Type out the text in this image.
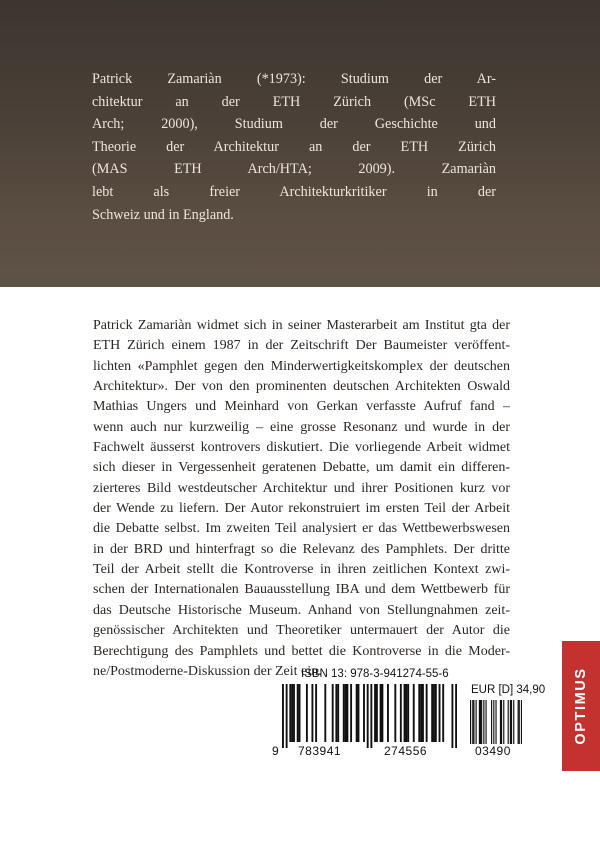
Patrick Zamariàn (*1973): Studium der Ar-
chitektur an der ETH Zürich (MSc ETH
Arch; 2000), Studium der Geschichte und
Theorie der Architektur an der ETH Zürich
(MAS ETH Arch/HTA; 2009). Zamariàn
lebt als freier Architekturkritiker in der
Schweiz und in England.
Patrick Zamariàn widmet sich in seiner Masterarbeit am Institut gta der
ETH Zürich einem 1987 in der Zeitschrift Der Baumeister veröffent-
lichten «Pamphlet gegen den Minderwertigkeitskomplex der deutschen
Architektur». Der von den prominenten deutschen Architekten Oswald
Mathias Ungers und Meinhard von Gerkan verfasste Aufruf fand –
wenn auch nur kurzweilig – eine grosse Resonanz und wurde in der
Fachwelt äusserst kontrovers diskutiert. Die vorliegende Arbeit widmet
sich dieser in Vergessenheit geratenen Debatte, um damit ein differen-
zierteres Bild westdeutscher Architektur und ihrer Positionen kurz vor
der Wende zu liefern. Der Autor rekonstruiert im ersten Teil der Arbeit
die Debatte selbst. Im zweiten Teil analysiert er das Wettbewerbswesen
in der BRD und hinterfragt so die Relevanz des Pamphlets. Der dritte
Teil der Arbeit stellt die Kontroverse in ihren zeitlichen Kontext zwi-
schen der Internationalen Bauausstellung IBA und dem Wettbewerb für
das Deutsche Historische Museum. Anhand von Stellungnahmen zeit-
genössischer Architekten und Theoretiker untermauert der Autor die
Berechtigung des Pamphlets und bettet die Kontroverse in die Moder-
ne/Postmoderne-Diskussion der Zeit ein.
ISBN 13: 978-3-941274-55-6
9 783941	274556
EUR [D] 34,90
03490
OPTIMUS
